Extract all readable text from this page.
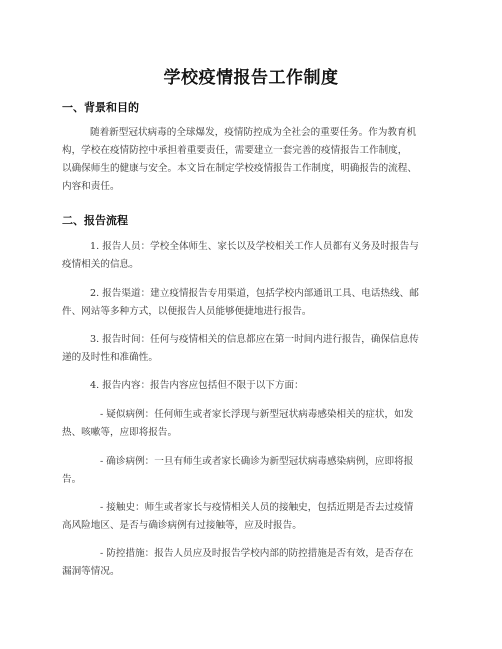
学校疫情报告工作制度
一、背景和目的
随着新型冠状病毒的全球爆发，疫情防控成为全社会的重要任务。作为教育机
构，学校在疫情防控中承担着重要责任，需要建立一套完善的疫情报告工作制度，
以确保师生的健康与安全。本文旨在制定学校疫情报告工作制度，明确报告的流程、
内容和责任。
二、报告流程
1. 报告人员：学校全体师生、家长以及学校相关工作人员都有义务及时报告与
疫情相关的信息。
2. 报告渠道：建立疫情报告专用渠道，包括学校内部通讯工具、电话热线、邮
件、网站等多种方式，以便报告人员能够便捷地进行报告。
3. 报告时间：任何与疫情相关的信息都应在第一时间内进行报告，确保信息传
递的及时性和准确性。
4. 报告内容：报告内容应包括但不限于以下方面：
- 疑似病例：任何师生或者家长浮现与新型冠状病毒感染相关的症状，如发
热、咳嗽等，应即将报告。
- 确诊病例：一旦有师生或者家长确诊为新型冠状病毒感染病例，应即将报
告。
- 接触史：师生或者家长与疫情相关人员的接触史，包括近期是否去过疫情
高风险地区、是否与确诊病例有过接触等，应及时报告。
- 防控措施：报告人员应及时报告学校内部的防控措施是否有效，是否存在
漏洞等情况。
